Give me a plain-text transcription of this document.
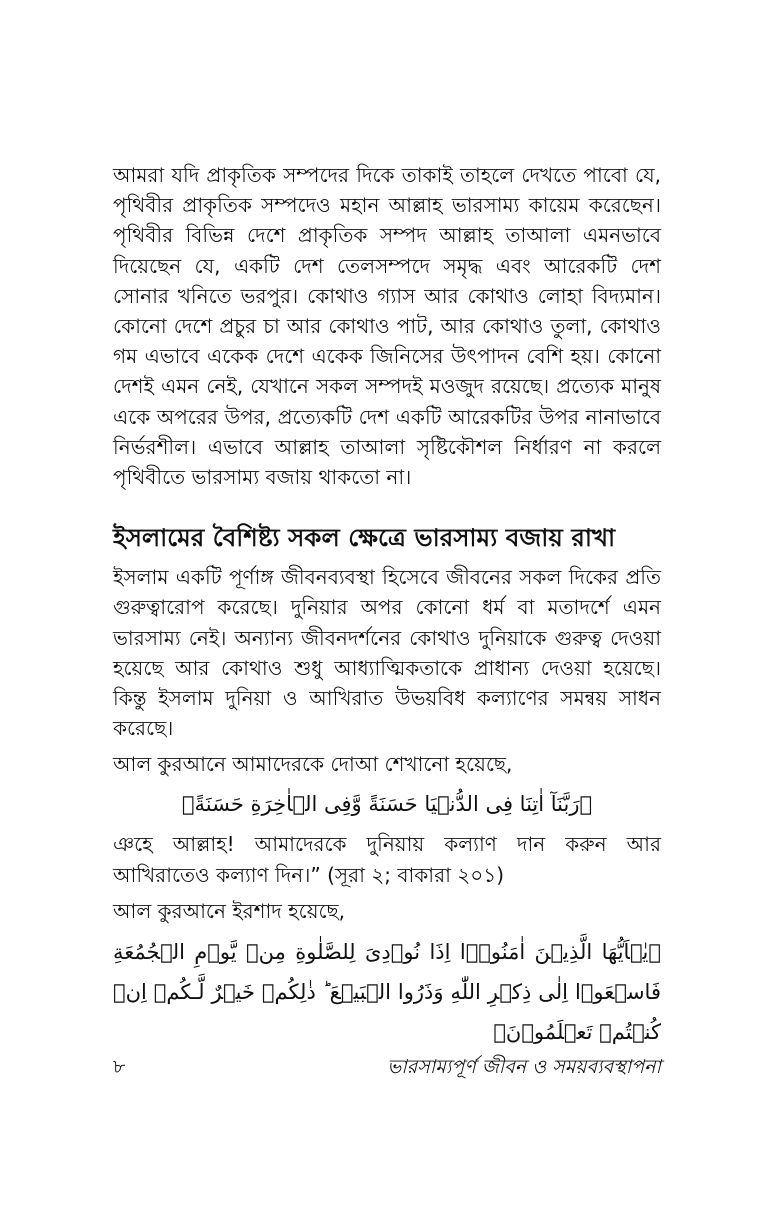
আমরা যদি প্রাকৃতিক সম্পদের দিকে তাকাই তাহলে দেখতে পাবো যে, পৃথিবীর প্রাকৃতিক সম্পদেও মহান আল্লাহ ভারসাম্য কায়েম করেছেন। পৃথিবীর বিভিন্ন দেশে প্রাকৃতিক সম্পদ আল্লাহ তাআলা এমনভাবে দিয়েছেন যে, একটি দেশ তেলসম্পদে সমৃদ্ধ এবং আরেকটি দেশ সোনার খনিতে ভরপুর। কোথাও গ্যাস আর কোথাও লোহা বিদ্যমান। কোনো দেশে প্রচুর চা আর কোথাও পাট, আর কোথাও তুলা, কোথাও গম এভাবে একেক দেশে একেক জিনিসের উৎপাদন বেশি হয়। কোনো দেশই এমন নেই, যেখানে সকল সম্পদই মওজুদ রয়েছে। প্রত্যেক মানুষ একে অপরের উপর, প্রত্যেকটি দেশ একটি আরেকটির উপর নানাভাবে নির্ভরশীল। এভাবে আল্লাহ তাআলা সৃষ্টিকৌশল নির্ধারণ না করলে পৃথিবীতে ভারসাম্য বজায় থাকতো না।

ইসলামের বৈশিষ্ট্য সকল ক্ষেত্রে ভারসাম্য বজায় রাখা

ইসলাম একটি পূর্ণাঙ্গ জীবনব্যবস্থা হিসেবে জীবনের সকল দিকের প্রতি গুরুত্বারোপ করেছে। দুনিয়ার অপর কোনো ধর্ম বা মতাদর্শে এমন ভারসাম্য নেই। অন্যান্য জীবনদর্শনের কোথাও দুনিয়াকে গুরুত্ব দেওয়া হয়েছে আর কোথাও শুধু আধ্যাত্মিকতাকে প্রাধান্য দেওয়া হয়েছে। কিন্তু ইসলাম দুনিয়া ও আখিরাত উভয়বিধ কল্যাণের সমন্বয় সাধন করেছে।

আল কুরআনে আমাদেরকে দোআ শেখানো হয়েছে,

﴿رَبَّنَآ اٰتِنَا فِى الدُّنۡيَا حَسَنَةً وَّفِى الۡاٰخِرَةِ حَسَنَةً﴾

ঞহে আল্লাহ! আমাদেরকে দুনিয়ায় কল্যাণ দান করুন আর আখিরাতেও কল্যাণ দিন।” (সূরা ২; বাকারা ২০১)

আল কুরআনে ইরশাদ হয়েছে,

﴿يٰۤاَيُّهَا الَّذِيۡنَ اٰمَنُوۡۤا اِذَا نُوۡدِىَ لِلصَّلٰوةِ مِنۡ يَّوۡمِ الۡجُمُعَةِ فَاسۡعَوۡا اِلٰى ذِكۡرِ اللّٰهِ وَذَرُوا الۡبَيۡعَ ؕ ذٰلِكُمۡ خَيۡرٌ لَّـكُمۡ اِنۡ كُنۡتُمۡ تَعۡلَمُوۡنَ﴾

৮	ভারসাম্যপূর্ণ জীবন ও সময়ব্যবস্থাপনা
